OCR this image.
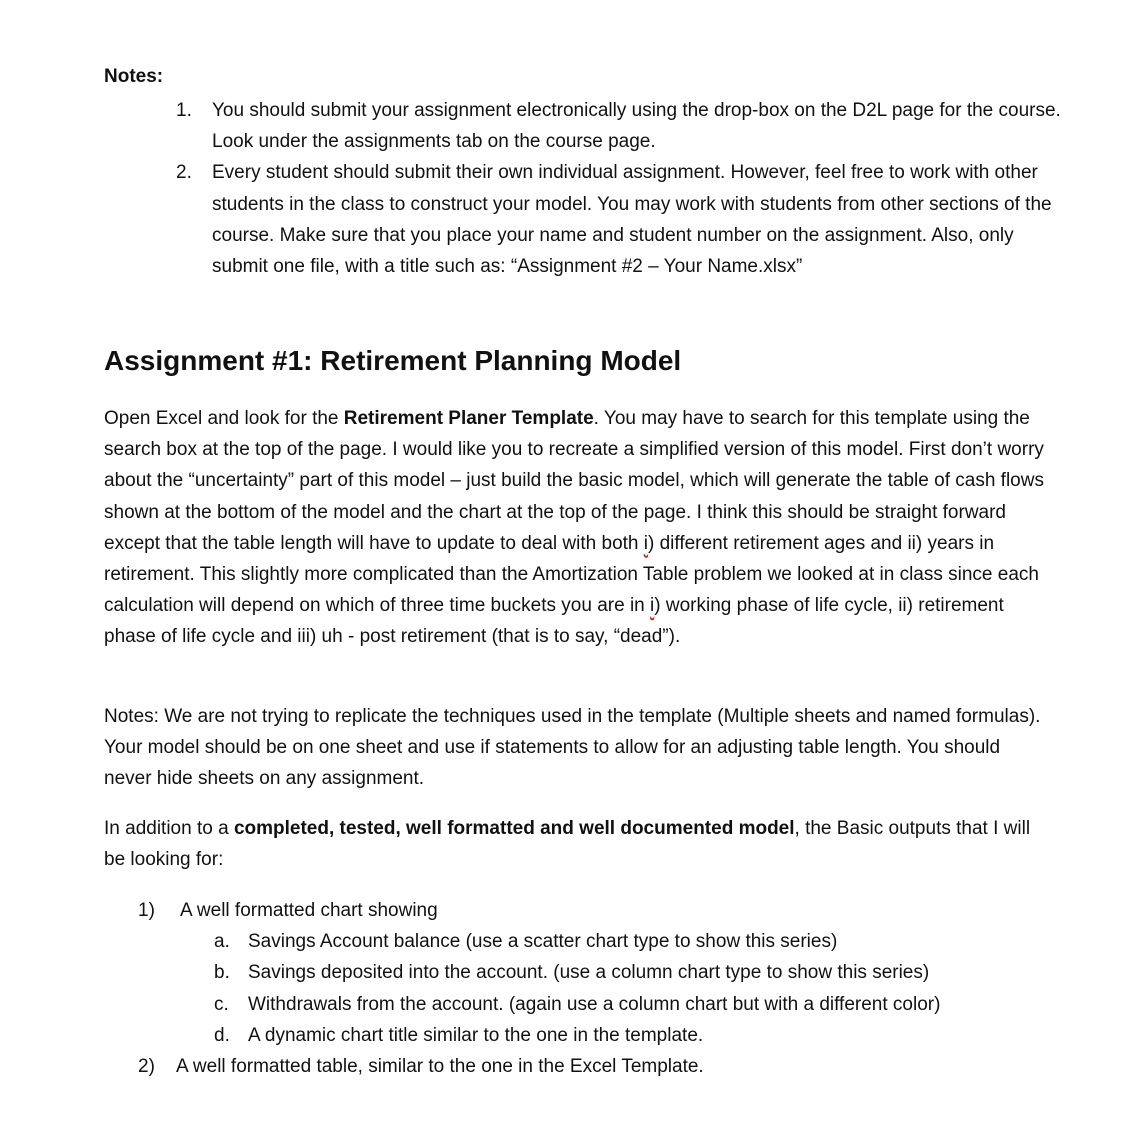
Notes:
1. You should submit your assignment electronically using the drop-box on the D2L page for the course. Look under the assignments tab on the course page.
2. Every student should submit their own individual assignment. However, feel free to work with other students in the class to construct your model. You may work with students from other sections of the course. Make sure that you place your name and student number on the assignment. Also, only submit one file, with a title such as: “Assignment #2 – Your Name.xlsx”
Assignment #1: Retirement Planning Model
Open Excel and look for the Retirement Planer Template. You may have to search for this template using the search box at the top of the page. I would like you to recreate a simplified version of this model. First don’t worry about the “uncertainty” part of this model – just build the basic model, which will generate the table of cash flows shown at the bottom of the model and the chart at the top of the page. I think this should be straight forward except that the table length will have to update to deal with both i) different retirement ages and ii) years in retirement. This slightly more complicated than the Amortization Table problem we looked at in class since each calculation will depend on which of three time buckets you are in i) working phase of life cycle, ii) retirement phase of life cycle and iii) uh - post retirement (that is to say, “dead”).
Notes: We are not trying to replicate the techniques used in the template (Multiple sheets and named formulas). Your model should be on one sheet and use if statements to allow for an adjusting table length. You should never hide sheets on any assignment.
In addition to a completed, tested, well formatted and well documented model, the Basic outputs that I will be looking for:
1)	A well formatted chart showing
a. Savings Account balance (use a scatter chart type to show this series)
b. Savings deposited into the account. (use a column chart type to show this series)
c. Withdrawals from the account. (again use a column chart but with a different color)
d. A dynamic chart title similar to the one in the template.
2)	A well formatted table, similar to the one in the Excel Template.
